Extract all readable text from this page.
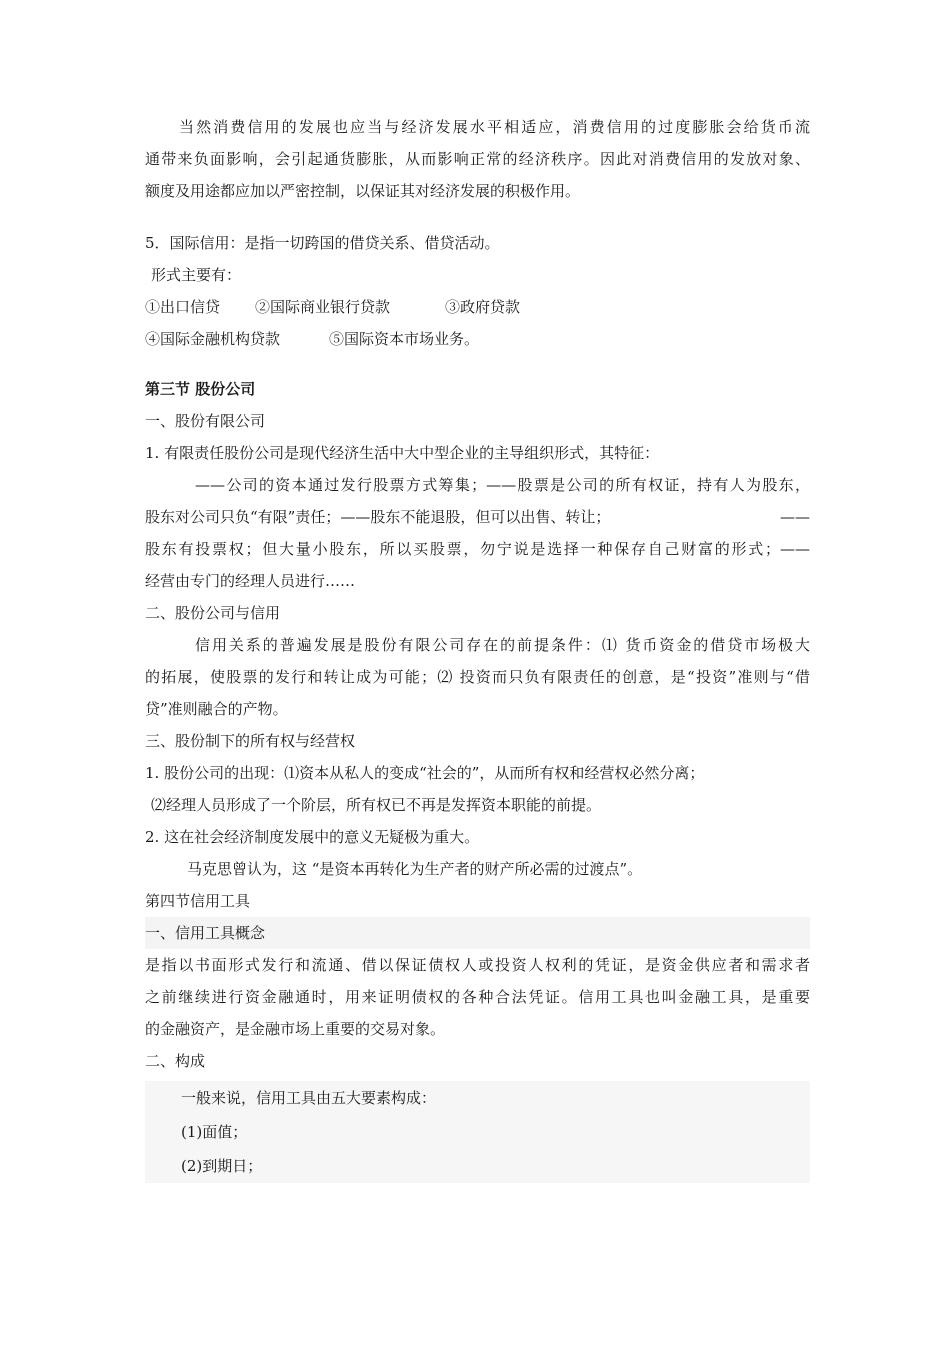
当然消费信用的发展也应当与经济发展水平相适应，消费信用的过度膨胀会给货币流

通带来负面影响，会引起通货膨胀，从而影响正常的经济秩序。因此对消费信用的发放对象、

额度及用途都应加以严密控制，以保证其对经济发展的积极作用。

5．国际信用：是指一切跨国的借贷关系、借贷活动。

形式主要有：

①出口信贷 ②国际商业银行贷款	③政府贷款

④国际金融机构贷款	⑤国际资本市场业务。

第三节 股份公司

一、股份有限公司

1. 有限责任股份公司是现代经济生活中大中型企业的主导组织形式，其特征：

——公司的资本通过发行股票方式筹集；——股票是公司的所有权证，持有人为股东，

股东对公司只负“有限”责任；——股东不能退股，但可以出售、转让；	——

股东有投票权；但大量小股东，所以买股票，勿宁说是选择一种保存自己财富的形式；——

经营由专门的经理人员进行……

二、股份公司与信用

信用关系的普遍发展是股份有限公司存在的前提条件：⑴ 货币资金的借贷市场极大

的拓展，使股票的发行和转让成为可能；⑵ 投资而只负有限责任的创意，是“投资”准则与“借

贷”准则融合的产物。

三、股份制下的所有权与经营权

1. 股份公司的出现：⑴资本从私人的变成“社会的”，从而所有权和经营权必然分离；

⑵经理人员形成了一个阶层，所有权已不再是发挥资本职能的前提。

2. 这在社会经济制度发展中的意义无疑极为重大。

马克思曾认为，这 “是资本再转化为生产者的财产所必需的过渡点”。

第四节信用工具

一、信用工具概念

是指以书面形式发行和流通、借以保证债权人或投资人权利的凭证，是资金供应者和需求者

之前继续进行资金融通时，用来证明债权的各种合法凭证。信用工具也叫金融工具，是重要

的金融资产，是金融市场上重要的交易对象。

二、构成

一般来说，信用工具由五大要素构成：

(1)面值；

(2)到期日；
